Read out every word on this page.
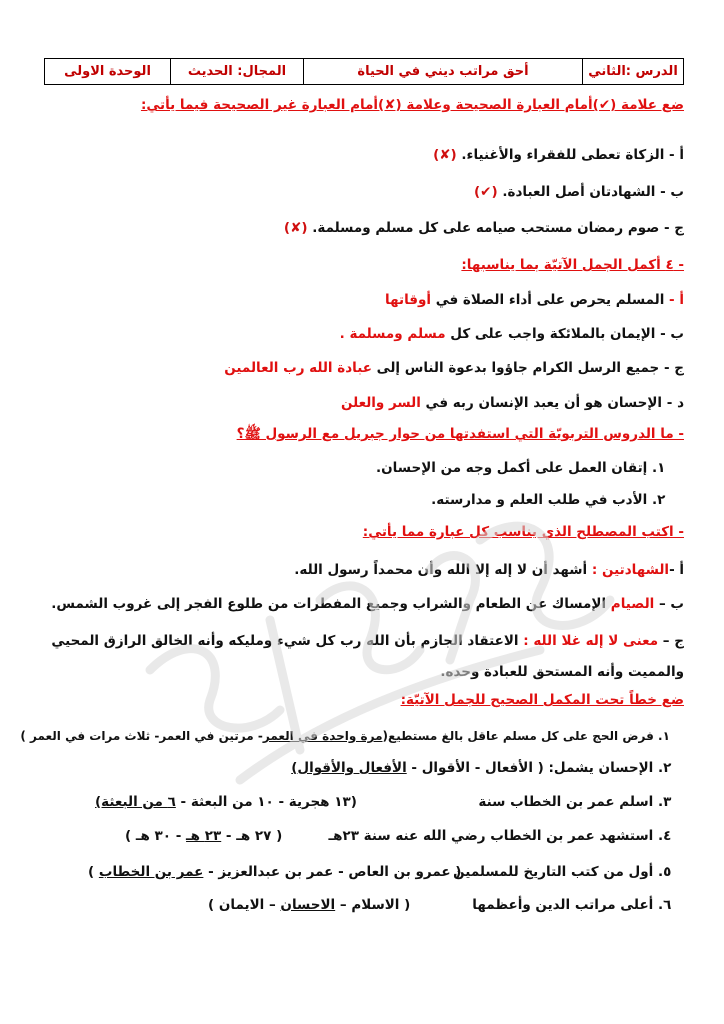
الدرس :الثاني	أحق مراتب ديني في الحياة	المجال: الحديث	الوحدة الاولى
ضع علامة (✔)أمام العبارة الصحيحة وعلامة (✘)أمام العبارة غير الصحيحة فيما يأتي:
أ - الزكاة تعطى للفقراء والأغنياء. (✘)
ب - الشهادتان أصل العبادة. (✔)
ج - صوم رمضان مستحب صيامه على كل مسلم ومسلمة. (✘)
- ٤ أكمل الجمل الآتيّة بما يناسبها:
أ - المسلم يحرص على أداء الصلاة في أوقاتها
ب - الإيمان بالملائكة واجب على كل مسلم ومسلمة .
ج - جميع الرسل الكرام جاؤوا بدعوة الناس إلى عبادة الله رب العالمين
د - الإحسان هو أن يعبد الإنسان ربه في السر والعلن
- ما الدروس التربويّة التي استفدتها من حوار جبريل مع الرسول ﷺ؟
١. إتقان العمل على أكمل وجه من الإحسان.
٢. الأدب في طلب العلم و مدارسته.
- اكتب المصطلح الذي يناسب كل عبارة مما يأتي:
أ -الشهادتين : أشهد أن لا إله إلا الله وأن محمداً رسول الله.
ب – الصيام الإمساك عن الطعام والشراب وجميع المفطرات من طلوع الفجر إلى غروب الشمس.
ج – معنى لا إله غلا الله : الاعتقاد الجازم بأن الله رب كل شيء ومليكه وأنه الخالق الرازق المحيي والمميت وأنه المستحق للعبادة وحده.
ضع خطاً تحت المكمل الصحيح للجمل الآتيّة:
١. فرض الحج على كل مسلم عاقل بالغ مستطيع(مرة واحدة في العمر- مرتين في العمر- ثلاث مرات في العمر )
٢. الإحسان يشمل: ( الأفعال - الأقوال - الأفعال والأقوال)
٣. اسلم عمر بن الخطاب سنة
(١٣ هجرية - ١٠ من البعثة - ٦ من البعثة)
٤. استشهد عمر بن الخطاب رضي الله عنه سنة ٢٣هـ
( ٢٧ هـ - ٢٣ هـ - ٣٠ هـ )
٥. أول من كتب التاريخ للمسلمين
( عمرو بن العاص - عمر بن عبدالعزيز - عمر بن الخطاب )
٦. أعلى مراتب الدين وأعظمها
( الاسلام – الاحسان – الايمان )
